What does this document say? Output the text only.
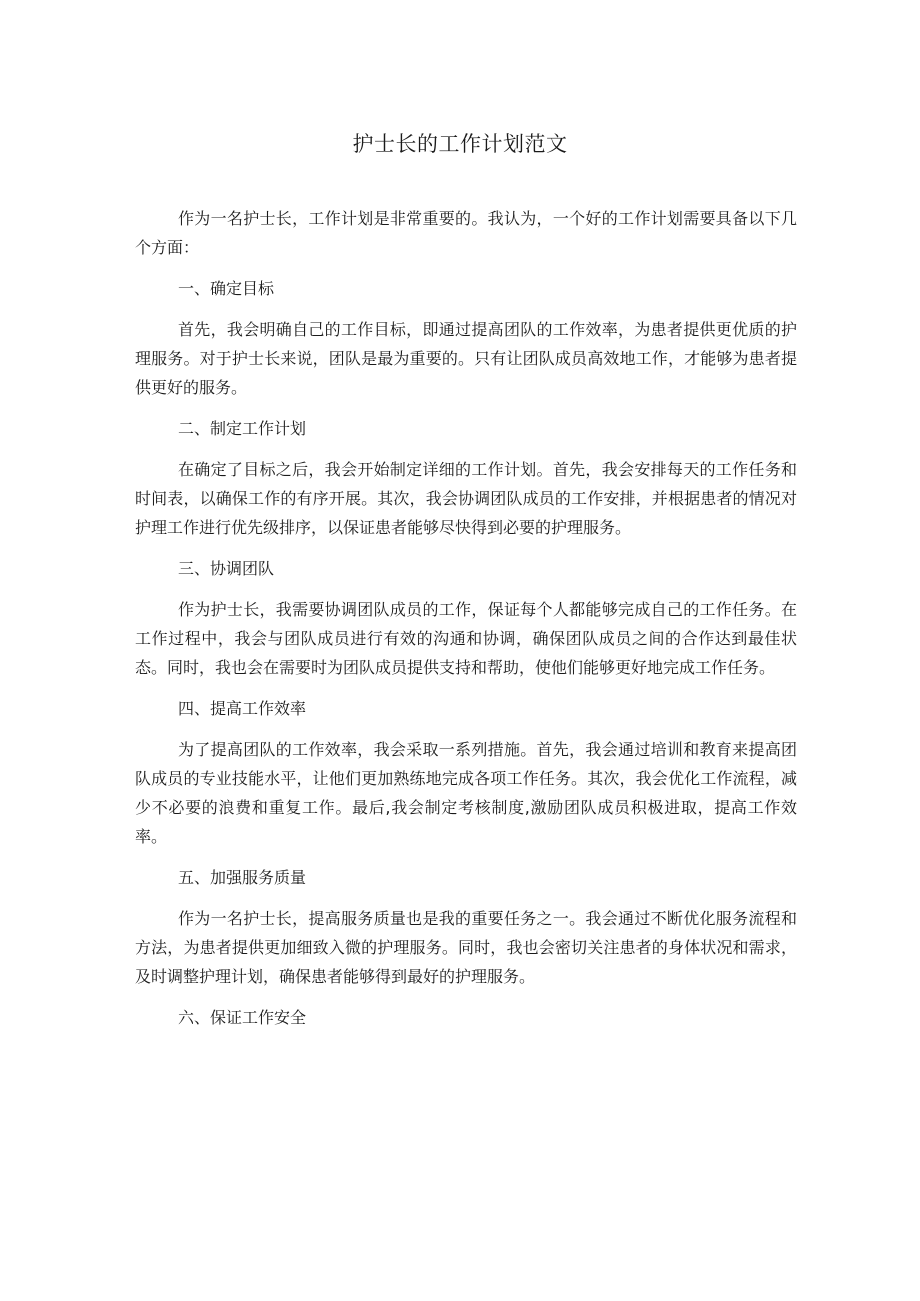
护士长的工作计划范文

作为一名护士长，工作计划是非常重要的。我认为，一个好的工作计划需要具备以下几个方面：

一、确定目标

首先，我会明确自己的工作目标，即通过提高团队的工作效率，为患者提供更优质的护理服务。对于护士长来说，团队是最为重要的。只有让团队成员高效地工作，才能够为患者提供更好的服务。

二、制定工作计划

在确定了目标之后，我会开始制定详细的工作计划。首先，我会安排每天的工作任务和时间表，以确保工作的有序开展。其次，我会协调团队成员的工作安排，并根据患者的情况对护理工作进行优先级排序，以保证患者能够尽快得到必要的护理服务。

三、协调团队

作为护士长，我需要协调团队成员的工作，保证每个人都能够完成自己的工作任务。在工作过程中，我会与团队成员进行有效的沟通和协调，确保团队成员之间的合作达到最佳状态。同时，我也会在需要时为团队成员提供支持和帮助，使他们能够更好地完成工作任务。

四、提高工作效率

为了提高团队的工作效率，我会采取一系列措施。首先，我会通过培训和教育来提高团队成员的专业技能水平，让他们更加熟练地完成各项工作任务。其次，我会优化工作流程，减少不必要的浪费和重复工作。最后,我会制定考核制度,激励团队成员积极进取，提高工作效率。

五、加强服务质量

作为一名护士长，提高服务质量也是我的重要任务之一。我会通过不断优化服务流程和方法，为患者提供更加细致入微的护理服务。同时，我也会密切关注患者的身体状况和需求，及时调整护理计划，确保患者能够得到最好的护理服务。

六、保证工作安全
